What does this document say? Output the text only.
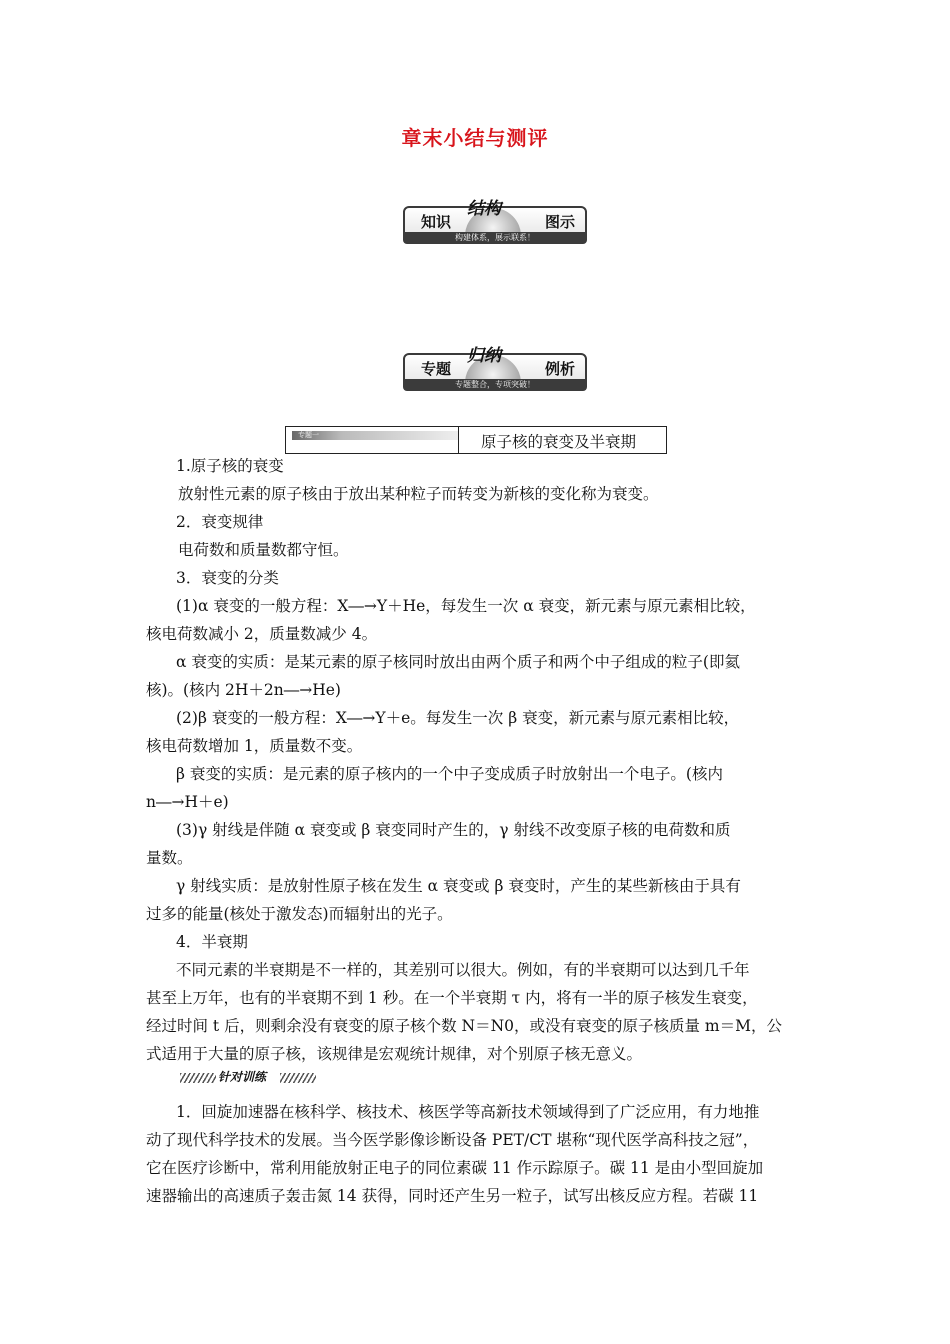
章末小结与测评
知识
结构
图示
构建体系，展示联系！
专题
归纳
例析
专题整合，专项突破！
专题一	原子核的衰变及半衰期
1.原子核的衰变
放射性元素的原子核由于放出某种粒子而转变为新核的变化称为衰变。
2．衰变规律
电荷数和质量数都守恒。
3．衰变的分类
(1)α 衰变的一般方程：X―→Y＋He，每发生一次 α 衰变，新元素与原元素相比较，
核电荷数减小 2，质量数减少 4。
α 衰变的实质：是某元素的原子核同时放出由两个质子和两个中子组成的粒子(即氦
核)。(核内 2H＋2n―→He)
(2)β 衰变的一般方程：X―→Y＋e。每发生一次 β 衰变，新元素与原元素相比较，
核电荷数增加 1，质量数不变。
β 衰变的实质：是元素的原子核内的一个中子变成质子时放射出一个电子。(核内
n―→H＋e)
(3)γ 射线是伴随 α 衰变或 β 衰变同时产生的，γ 射线不改变原子核的电荷数和质
量数。
γ 射线实质：是放射性原子核在发生 α 衰变或 β 衰变时，产生的某些新核由于具有
过多的能量(核处于激发态)而辐射出的光子。
4．半衰期
不同元素的半衰期是不一样的，其差别可以很大。例如，有的半衰期可以达到几千年
甚至上万年，也有的半衰期不到 1 秒。在一个半衰期 τ 内，将有一半的原子核发生衰变，
经过时间 t 后，则剩余没有衰变的原子核个数 N＝N0，或没有衰变的原子核质量 m＝M，公
式适用于大量的原子核，该规律是宏观统计规律，对个别原子核无意义。
针对训练
1．回旋加速器在核科学、核技术、核医学等高新技术领域得到了广泛应用，有力地推
动了现代科学技术的发展。当今医学影像诊断设备 PET/CT 堪称“现代医学高科技之冠”，
它在医疗诊断中，常利用能放射正电子的同位素碳 11 作示踪原子。碳 11 是由小型回旋加
速器输出的高速质子轰击氮 14 获得，同时还产生另一粒子，试写出核反应方程。若碳 11
